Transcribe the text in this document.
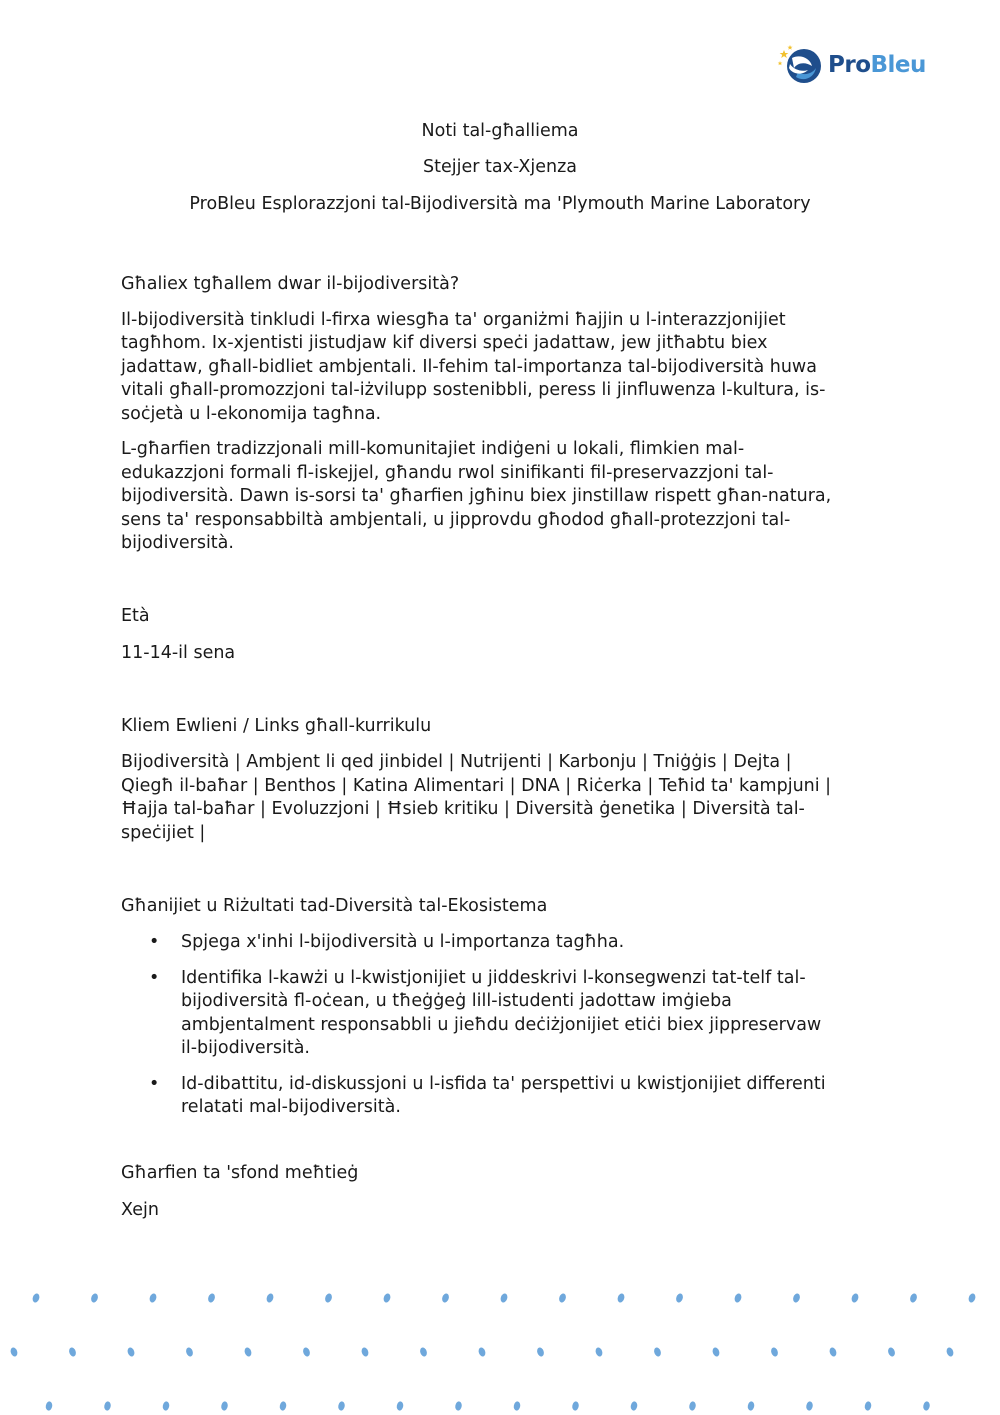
ProBleu
Noti tal-għalliema
Stejjer tax-Xjenza
ProBleu Esplorazzjoni tal-Bijodiversità ma 'Plymouth Marine Laboratory

Għaliex tgħallem dwar il-bijodiversità?

Il-bijodiversità tinkludi l-firxa wiesgħa ta' organiżmi ħajjin u l-interazzjonijiet
tagħhom. Ix-xjentisti jistudjaw kif diversi speċi jadattaw, jew jitħabtu biex
jadattaw, għall-bidliet ambjentali. Il-fehim tal-importanza tal-bijodiversità huwa
vitali għall-promozzjoni tal-iżvilupp sostenibbli, peress li jinfluwenza l-kultura, is-
soċjetà u l-ekonomija tagħna.

L-għarfien tradizzjonali mill-komunitajiet indiġeni u lokali, flimkien mal-
edukazzjoni formali fl-iskejjel, għandu rwol sinifikanti fil-preservazzjoni tal-
bijodiversità. Dawn is-sorsi ta' għarfien jgħinu biex jinstillaw rispett għan-natura,
sens ta' responsabbiltà ambjentali, u jipprovdu għodod għall-protezzjoni tal-
bijodiversità.

Età
11-14-il sena
Kliem Ewlieni / Links għall-kurrikulu
Bijodiversità | Ambjent li qed jinbidel | Nutrijenti | Karbonju | Tniġġis | Dejta |
Qiegħ il-baħar | Benthos | Katina Alimentari | DNA | Riċerka | Teħid ta' kampjuni |
Ħajja tal-baħar | Evoluzzjoni | Ħsieb kritiku | Diversità ġenetika | Diversità tal-
speċijiet |
Għanijiet u Riżultati tad-Diversità tal-Ekosistema
• Spjega x'inhi l-bijodiversità u l-importanza tagħha.
• Identifika l-kawżi u l-kwistjonijiet u jiddeskrivi l-konsegwenzi tat-telf tal-
bijodiversità fl-oċean, u tħeġġeġ lill-istudenti jadottaw imġieba
ambjentalment responsabbli u jieħdu deċiżjonijiet etiċi biex jippreservaw
il-bijodiversità.
• Id-dibattitu, id-diskussjoni u l-isfida ta' perspettivi u kwistjonijiet differenti
relatati mal-bijodiversità.
Għarfien ta 'sfond meħtieġ
Xejn
